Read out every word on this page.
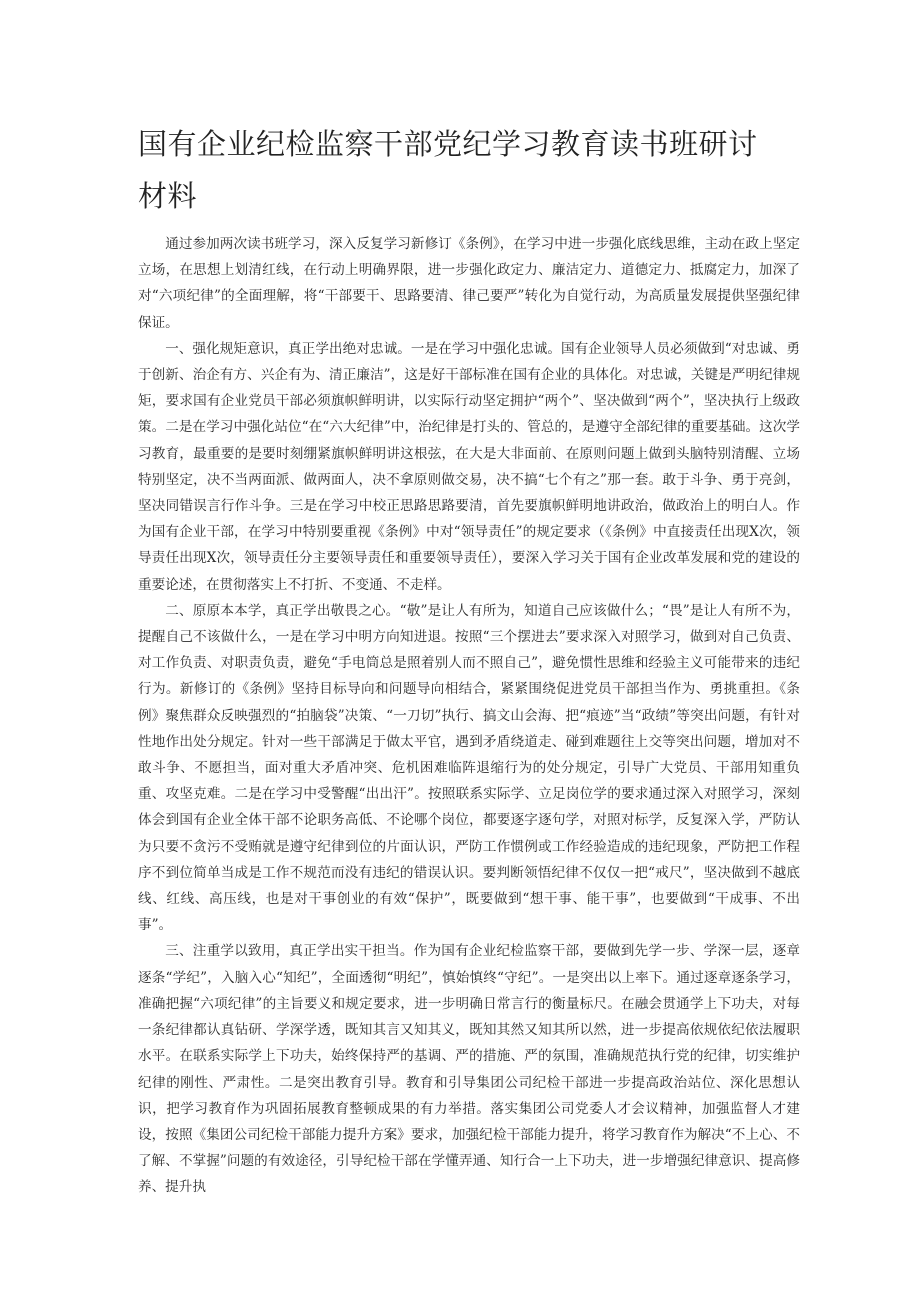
国有企业纪检监察干部党纪学习教育读书班研讨材料

通过参加两次读书班学习，深入反复学习新修订《条例》，在学习中进一步强化底线思维，主动在政上坚定立场，在思想上划清红线，在行动上明确界限，进一步强化政定力、廉洁定力、道德定力、抵腐定力，加深了对“六项纪律”的全面理解，将“干部要干、思路要清、律己要严”转化为自觉行动，为高质量发展提供坚强纪律保证。

一、强化规矩意识，真正学出绝对忠诚。一是在学习中强化忠诚。国有企业领导人员必须做到“对忠诚、勇于创新、治企有方、兴企有为、清正廉洁”，这是好干部标准在国有企业的具体化。对忠诚，关键是严明纪律规矩，要求国有企业党员干部必须旗帜鲜明讲，以实际行动坚定拥护“两个”、坚决做到“两个”，坚决执行上级政策。二是在学习中强化站位“在“六大纪律”中，治纪律是打头的、管总的，是遵守全部纪律的重要基础。这次学习教育，最重要的是要时刻绷紧旗帜鲜明讲这根弦，在大是大非面前、在原则问题上做到头脑特别清醒、立场特别坚定，决不当两面派、做两面人，决不拿原则做交易，决不搞“七个有之”那一套。敢于斗争、勇于亮剑，坚决同错误言行作斗争。三是在学习中校正思路思路要清，首先要旗帜鲜明地讲政治，做政治上的明白人。作为国有企业干部，在学习中特别要重视《条例》中对“领导责任”的规定要求（《条例》中直接责任出现X次，领导责任出现X次，领导责任分主要领导责任和重要领导责任），要深入学习关于国有企业改革发展和党的建设的重要论述，在贯彻落实上不打折、不变通、不走样。

二、原原本本学，真正学出敬畏之心。“敬”是让人有所为，知道自己应该做什么；“畏”是让人有所不为，提醒自己不该做什么，一是在学习中明方向知进退。按照“三个摆进去”要求深入对照学习，做到对自己负责、对工作负责、对职责负责，避免“手电筒总是照着别人而不照自己”，避免惯性思维和经验主义可能带来的违纪行为。新修订的《条例》坚持目标导向和问题导向相结合，紧紧围绕促进党员干部担当作为、勇挑重担。《条例》聚焦群众反映强烈的“拍脑袋”决策、“一刀切”执行、搞文山会海、把“痕迹”当“政绩”等突出问题，有针对性地作出处分规定。针对一些干部满足于做太平官，遇到矛盾绕道走、碰到难题往上交等突出问题，增加对不敢斗争、不愿担当，面对重大矛盾冲突、危机困难临阵退缩行为的处分规定，引导广大党员、干部用知重负重、攻坚克难。二是在学习中受警醒“出出汗”。按照联系实际学、立足岗位学的要求通过深入对照学习，深刻体会到国有企业全体干部不论职务高低、不论哪个岗位，都要逐字逐句学，对照对标学，反复深入学，严防认为只要不贪污不受贿就是遵守纪律到位的片面认识，严防工作惯例或工作经验造成的违纪现象，严防把工作程序不到位简单当成是工作不规范而没有违纪的错误认识。要判断领悟纪律不仅仅一把“戒尺”，坚决做到不越底线、红线、高压线，也是对干事创业的有效“保护”，既要做到“想干事、能干事”，也要做到“干成事、不出事”。

三、注重学以致用，真正学出实干担当。作为国有企业纪检监察干部，要做到先学一步、学深一层，逐章逐条“学纪”，入脑入心“知纪”，全面透彻“明纪”，慎始慎终“守纪”。一是突出以上率下。通过逐章逐条学习，准确把握“六项纪律”的主旨要义和规定要求，进一步明确日常言行的衡量标尺。在融会贯通学上下功夫，对每一条纪律都认真钻研、学深学透，既知其言又知其义，既知其然又知其所以然，进一步提高依规依纪依法履职水平。在联系实际学上下功夫，始终保持严的基调、严的措施、严的氛围，准确规范执行党的纪律，切实维护纪律的刚性、严肃性。二是突出教育引导。教育和引导集团公司纪检干部进一步提高政治站位、深化思想认识，把学习教育作为巩固拓展教育整顿成果的有力举措。落实集团公司党委人才会议精神，加强监督人才建设，按照《集团公司纪检干部能力提升方案》要求，加强纪检干部能力提升，将学习教育作为解决“不上心、不了解、不掌握”问题的有效途径，引导纪检干部在学懂弄通、知行合一上下功夫，进一步增强纪律意识、提高修养、提升执
